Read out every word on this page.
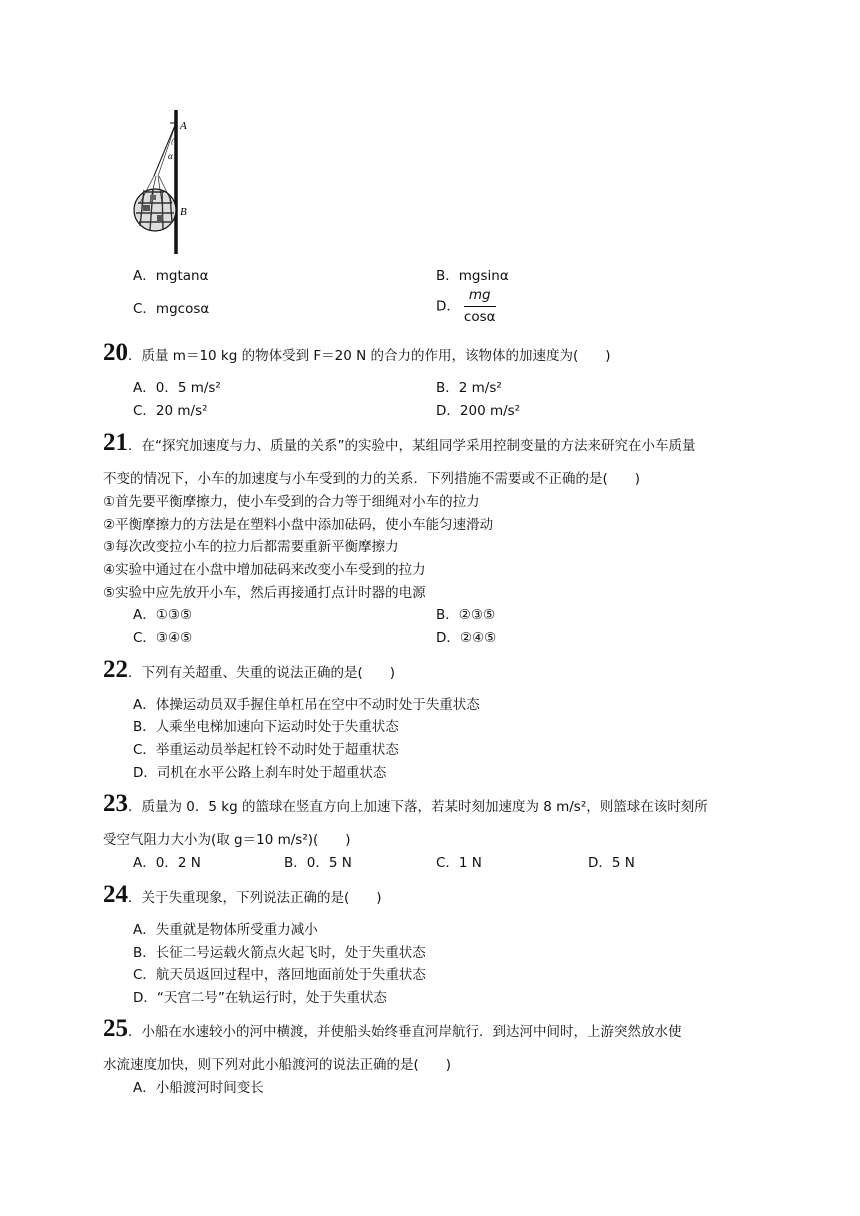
A
B
α
A．mgtanα	B．mgsinα
C．mgcosα	D． $\frac{mg}{\cos\alpha}$
20．质量 m＝10 kg 的物体受到 F＝20 N 的合力的作用，该物体的加速度为(　　)
A．0．5 m/s²	B．2 m/s²
C．20 m/s²	D．200 m/s²
21．在“探究加速度与力、质量的关系”的实验中，某组同学采用控制变量的方法来研究在小车质量
不变的情况下，小车的加速度与小车受到的力的关系．下列措施不需要或不正确的是(　　)
①首先要平衡摩擦力，使小车受到的合力等于细绳对小车的拉力
②平衡摩擦力的方法是在塑料小盘中添加砝码，使小车能匀速滑动
③每次改变拉小车的拉力后都需要重新平衡摩擦力
④实验中通过在小盘中增加砝码来改变小车受到的拉力
⑤实验中应先放开小车，然后再接通打点计时器的电源
A．①③⑤	B．②③⑤
C．③④⑤	D．②④⑤
22．下列有关超重、失重的说法正确的是(　　)
A．体操运动员双手握住单杠吊在空中不动时处于失重状态
B．人乘坐电梯加速向下运动时处于失重状态
C．举重运动员举起杠铃不动时处于超重状态
D．司机在水平公路上刹车时处于超重状态
23．质量为 0．5 kg 的篮球在竖直方向上加速下落，若某时刻加速度为 8 m/s²，则篮球在该时刻所
受空气阻力大小为(取 g＝10 m/s²)(　　)
A．0．2 N	B．0．5 N	C．1 N	D．5 N
24．关于失重现象，下列说法正确的是(　　)
A．失重就是物体所受重力减小
B．长征二号运载火箭点火起飞时，处于失重状态
C．航天员返回过程中，落回地面前处于失重状态
D．“天宫二号”在轨运行时，处于失重状态
25．小船在水速较小的河中横渡，并使船头始终垂直河岸航行．到达河中间时，上游突然放水使
水流速度加快，则下列对此小船渡河的说法正确的是(　　)
A．小船渡河时间变长
